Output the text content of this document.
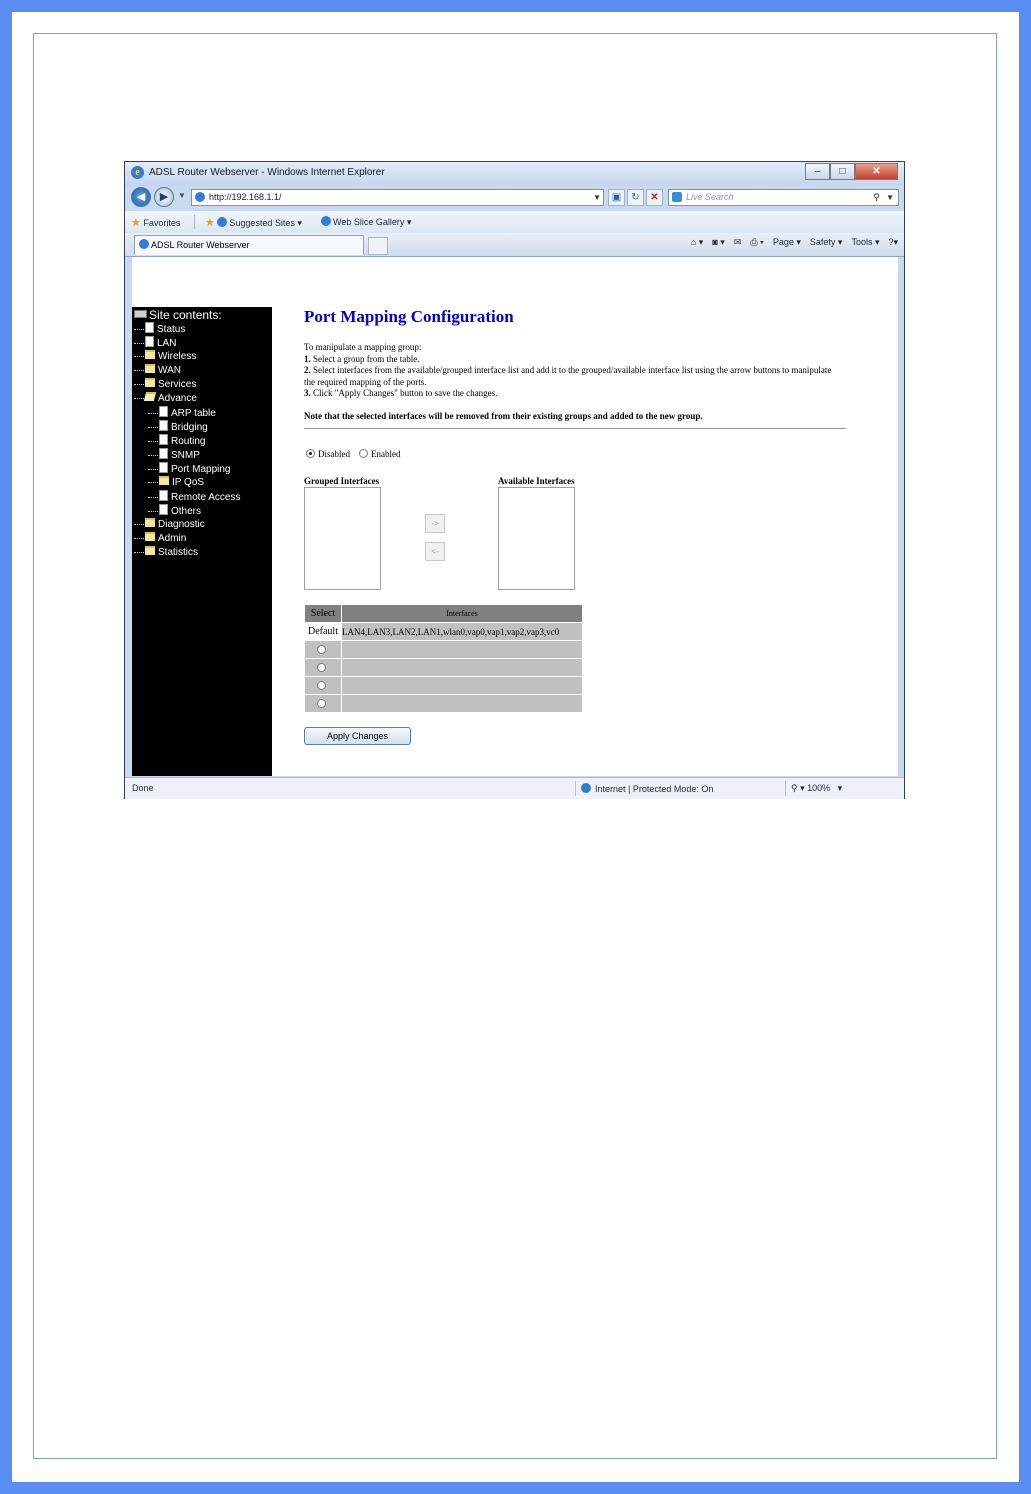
e ADSL Router Webserver - Windows Internet Explorer	–	□	✕
◀	▶	▼	http://192.168.1.1/	▼	▣	↻	✕	Live Search	⚲ ▼
★ Favorites ★ Suggested Sites ▾	Web Slice Gallery ▾
ADSL Router Webserver	⌂ ▾ ◙ ▾ ✉ ⎙ ▾ Page ▾ Safety ▾ Tools ▾ ?▾
Site contents:
Status
LAN
Wireless
WAN
Services
Advance
ARP table
Bridging
Routing
SNMP
Port Mapping
IP QoS
Remote Access
Others
Diagnostic
Admin
Statistics
Port Mapping Configuration

To manipulate a mapping group:

1. Select a group from the table.

2. Select interfaces from the available/grouped interface list and add it to the grouped/available interface list using the arrow buttons to manipulate the required mapping of the ports.

3. Click "Apply Changes" button to save the changes.

Note that the selected interfaces will be removed from their existing groups and added to the new group.

Disabled Enabled
Grouped Interfaces	Available Interfaces
->
<-
Select	Interfaces
Default	LAN4,LAN3,LAN2,LAN1,wlan0,vap0,vap1,vap2,vap3,vc0

Apply Changes
Done	Internet | Protected Mode: On	⚲ ▾ 100%   ▾
